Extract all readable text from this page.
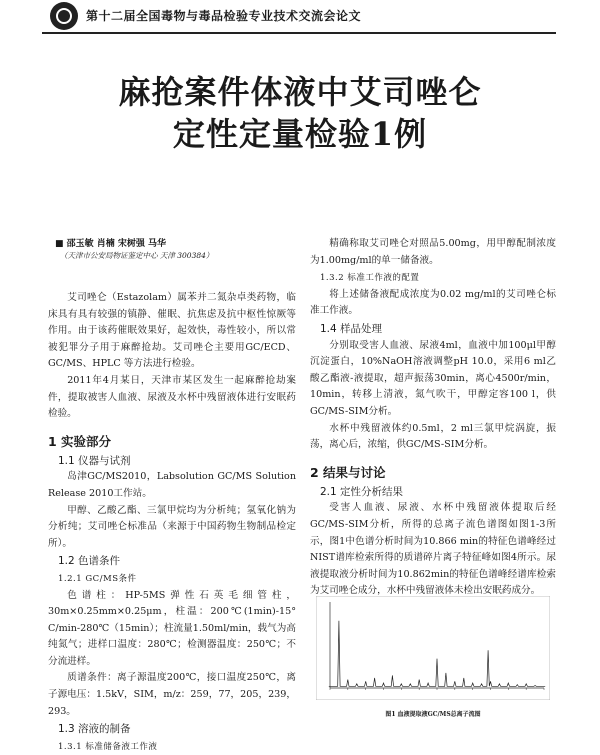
第十二届全国毒物与毒品检验专业技术交流会论文
麻抢案件体液中艾司唑仑
定性定量检验1例
■ 邵玉敏 肖楠 宋树强 马华
（天津市公安局物证鉴定中心 天津 300384）

艾司唑仑（Estazolam）属苯并二氮杂卓类药物，临床具有具有较强的镇静、催眠、抗焦虑及抗中枢性惊厥等作用。由于该药催眠效果好，起效快，毒性较小，所以常被犯罪分子用于麻醉抢劫。艾司唑仑主要用GC/ECD、GC/MS、HPLC 等方法进行检验。

2011年4月某日，天津市某区发生一起麻醉抢劫案件，提取被害人血液、尿液及水杯中残留液体进行安眠药检验。

1 实验部分
1.1 仪器与试剂

岛津GC/MS2010，Labsolution GC/MS Solution Release 2010工作站。

甲醇、乙酸乙酯、三氯甲烷均为分析纯；氢氧化钠为分析纯；艾司唑仑标准品（来源于中国药物生物制品检定所）。

1.2 色谱条件
1.2.1 GC/MS条件

色谱柱：HP-5MS弹性石英毛细管柱，30m×0.25mm×0.25μm，柱温：200℃(1min)-15° C/min-280℃（15min）；柱流量1.50ml/min，载气为高纯氮气；进样口温度：280℃；检测器温度：250℃；不分流进样。

质谱条件：离子源温度200℃，接口温度250℃，离子源电压：1.5kV，SIM，m/z：259，77，205，239，293。

1.3 溶液的制备
1.3.1 标准储备液工作液

精确称取艾司唑仑对照品5.00mg，用甲醇配制浓度为1.00mg/ml的单一储备液。

1.3.2 标准工作液的配置

将上述储备液配成浓度为0.02 mg/ml的艾司唑仑标准工作液。

1.4 样品处理

分别取受害人血液、尿液4ml，血液中加100μl甲醇沉淀蛋白，10%NaOH溶液调整pH 10.0，采用6 ml乙酸乙酯液-液提取，超声振荡30min，离心4500r/min，10min，转移上清液，氮气吹干，甲醇定容100 l，供GC/MS-SIM分析。

水杯中残留液体约0.5ml，2 ml三氯甲烷涡旋，振荡，离心后，浓缩，供GC/MS-SIM分析。

2 结果与讨论
2.1 定性分析结果

受害人血液、尿液、水杯中残留液体提取后经GC/MS-SIM分析，所得的总离子流色谱图如图1-3所示，图1中色谱分析时间为10.866 min的特征色谱峰经过NIST谱库检索所得的质谱碎片离子特征峰如图4所示。尿液提取液分析时间为10.862min的特征色谱峰经谱库检索为艾司唑仑成分，水杯中残留液体未检出安眠药成分。

图1 血液提取液GC/MS总离子流图
